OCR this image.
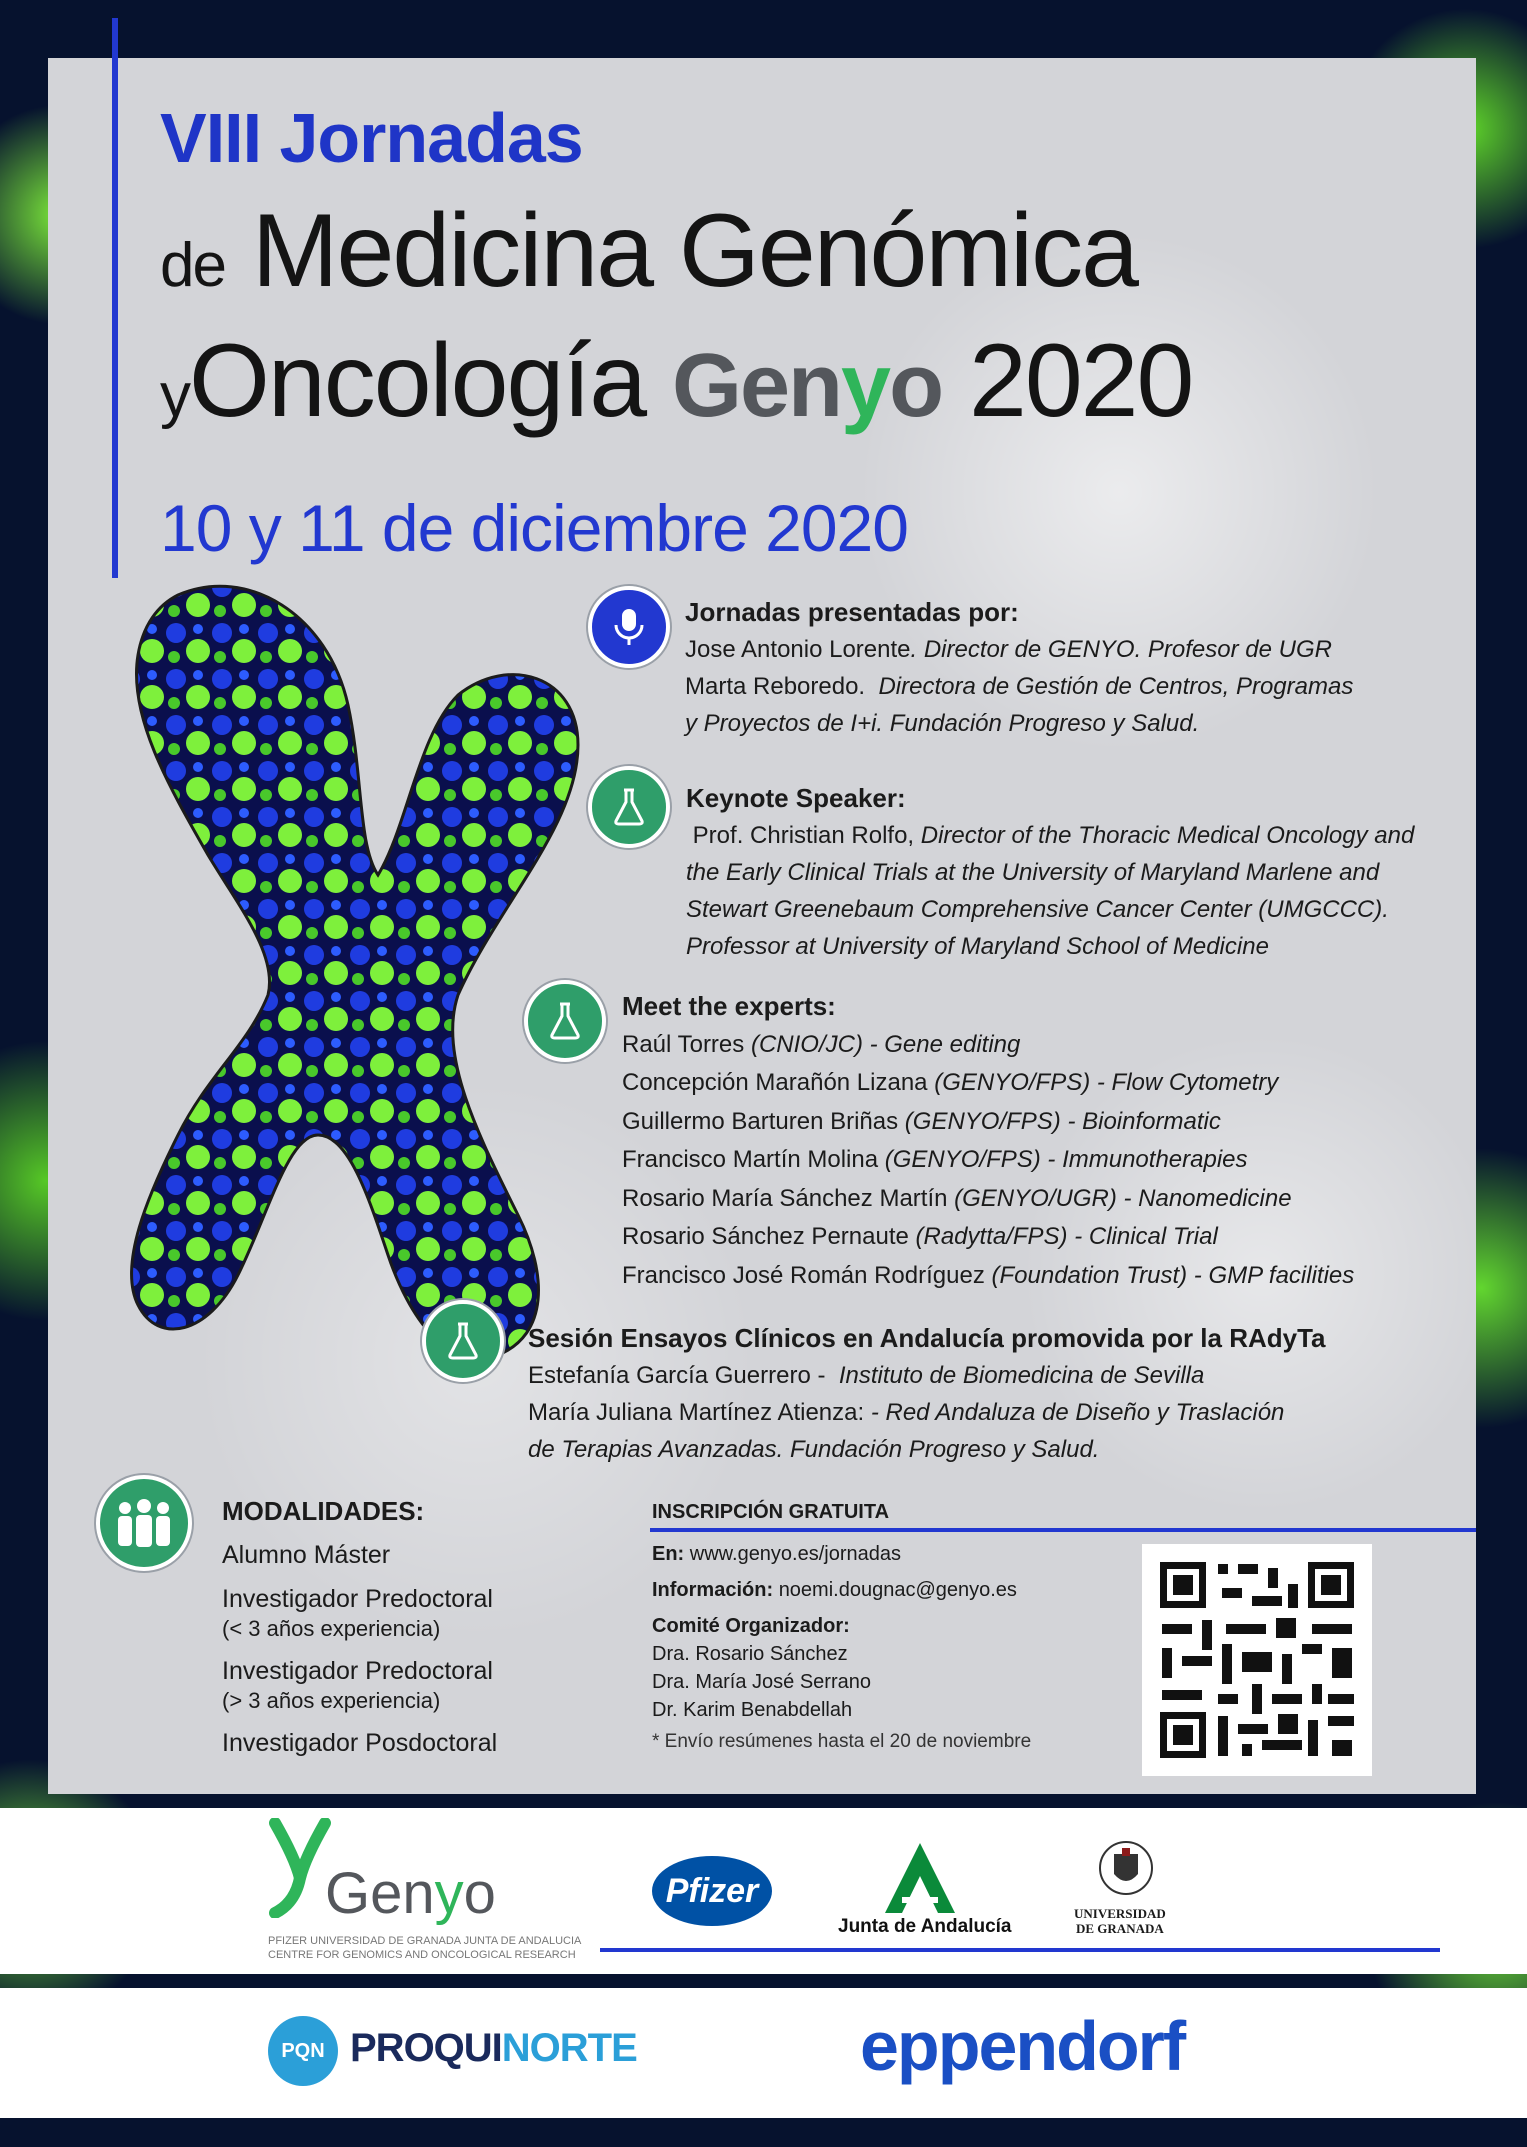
VIII Jornadas
de Medicina Genómica
yOncología Genyo 2020
10 y 11 de diciembre 2020
Jornadas presentadas por:
Jose Antonio Lorente. Director de GENYO. Profesor de UGR
Marta Reboredo. Directora de Gestión de Centros, Programas
y Proyectos de I+i. Fundación Progreso y Salud.
Keynote Speaker:
Prof. Christian Rolfo, Director of the Thoracic Medical Oncology and
the Early Clinical Trials at the University of Maryland Marlene and
Stewart Greenebaum Comprehensive Cancer Center (UMGCCC).
Professor at University of Maryland School of Medicine
Meet the experts:
Raúl Torres (CNIO/JC) - Gene editing
Concepción Marañón Lizana (GENYO/FPS) - Flow Cytometry
Guillermo Barturen Briñas (GENYO/FPS) - Bioinformatic
Francisco Martín Molina (GENYO/FPS) - Immunotherapies
Rosario María Sánchez Martín (GENYO/UGR) - Nanomedicine
Rosario Sánchez Pernaute (Radytta/FPS) - Clinical Trial
Francisco José Román Rodríguez (Foundation Trust) - GMP facilities
Sesión Ensayos Clínicos en Andalucía promovida por la RAdyTa
Estefanía García Guerrero - Instituto de Biomedicina de Sevilla
María Juliana Martínez Atienza: - Red Andaluza de Diseño y Traslación
de Terapias Avanzadas. Fundación Progreso y Salud.
MODALIDADES:
Alumno Máster
Investigador Predoctoral
(< 3 años experiencia)
Investigador Predoctoral
(> 3 años experiencia)
Investigador Posdoctoral
INSCRIPCIÓN GRATUITA
En: www.genyo.es/jornadas
Información: noemi.dougnac@genyo.es
Comité Organizador:
Dra. Rosario Sánchez
Dra. María José Serrano
Dr. Karim Benabdellah
* Envío resúmenes hasta el 20 de noviembre
Genyo
PFIZER UNIVERSIDAD DE GRANADA JUNTA DE ANDALUCIA
CENTRE FOR GENOMICS AND ONCOLOGICAL RESEARCH
Pfizer
Junta de Andalucía
UNIVERSIDAD
DE GRANADA
PQN PROQUINORTE	eppendorf
